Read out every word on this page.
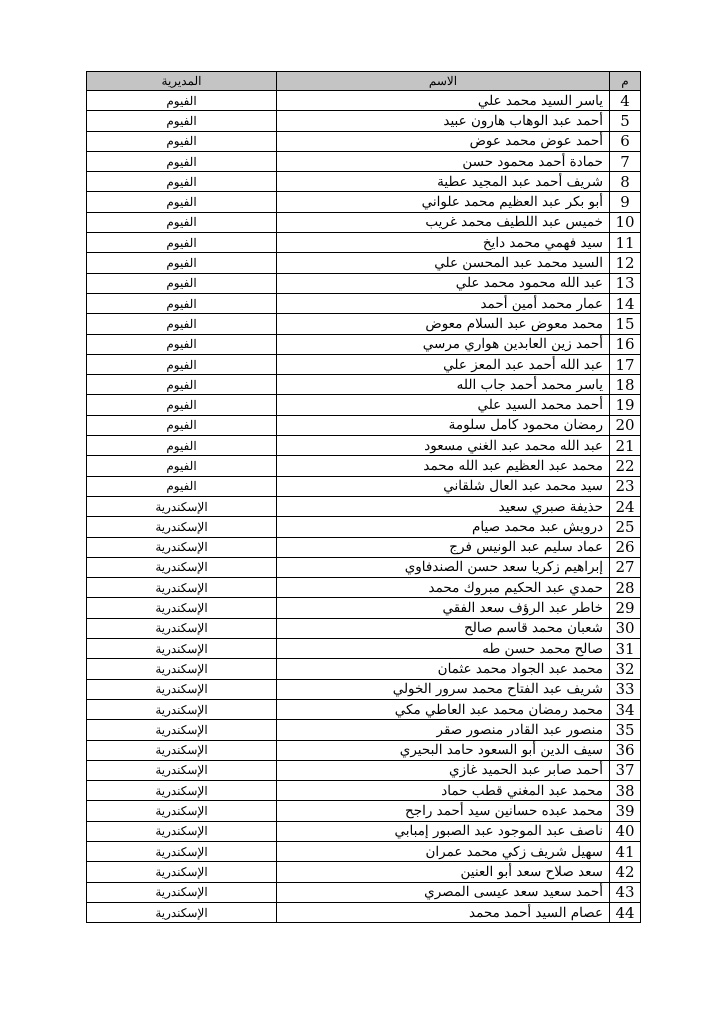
المديرية	الاسم	م
الفيوم	ياسر السيد محمد علي	4
الفيوم	أحمد عبد الوهاب هارون عبيد	5
الفيوم	أحمد عوض محمد عوض	6
الفيوم	حمادة أحمد محمود حسن	7
الفيوم	شريف أحمد عبد المجيد عطية	8
الفيوم	أبو بكر عبد العظيم محمد علواني	9
الفيوم	خميس عبد اللطيف محمد غريب	10
الفيوم	سيد فهمي محمد دايخ	11
الفيوم	السيد محمد عبد المحسن علي	12
الفيوم	عبد الله محمود محمد علي	13
الفيوم	عمار محمد أمين أحمد	14
الفيوم	محمد معوض عبد السلام معوض	15
الفيوم	أحمد زين العابدين هواري مرسي	16
الفيوم	عبد الله أحمد عبد المعز علي	17
الفيوم	ياسر محمد أحمد جاب الله	18
الفيوم	أحمد محمد السيد علي	19
الفيوم	رمضان محمود كامل سلومة	20
الفيوم	عبد الله محمد عبد الغني مسعود	21
الفيوم	محمد عبد العظيم عبد الله محمد	22
الفيوم	سيد محمد عبد العال شلقاني	23
الإسكندرية	حذيفة صبري سعيد	24
الإسكندرية	درويش عبد محمد صيام	25
الإسكندرية	عماد سليم عبد الونيس فرج	26
الإسكندرية	إبراهيم زكريا سعد حسن الصندفاوي	27
الإسكندرية	حمدي عبد الحكيم مبروك محمد	28
الإسكندرية	خاطر عبد الرؤف سعد الفقي	29
الإسكندرية	شعبان محمد قاسم صالح	30
الإسكندرية	صالح محمد حسن طه	31
الإسكندرية	محمد عبد الجواد محمد عثمان	32
الإسكندرية	شريف عبد الفتاح محمد سرور الخولي	33
الإسكندرية	محمد رمضان محمد عبد العاطي مكي	34
الإسكندرية	منصور عبد القادر منصور صقر	35
الإسكندرية	سيف الدين أبو السعود حامد البحيري	36
الإسكندرية	أحمد صابر عبد الحميد غازي	37
الإسكندرية	محمد عبد المغني قطب حماد	38
الإسكندرية	محمد عبده حسانين سيد أحمد راجح	39
الإسكندرية	ناصف عبد الموجود عبد الصبور إمبابي	40
الإسكندرية	سهيل شريف زكي محمد عمران	41
الإسكندرية	سعد صلاح سعد أبو العنين	42
الإسكندرية	أحمد سعيد سعد عيسى المصري	43
الإسكندرية	عصام السيد أحمد محمد	44
